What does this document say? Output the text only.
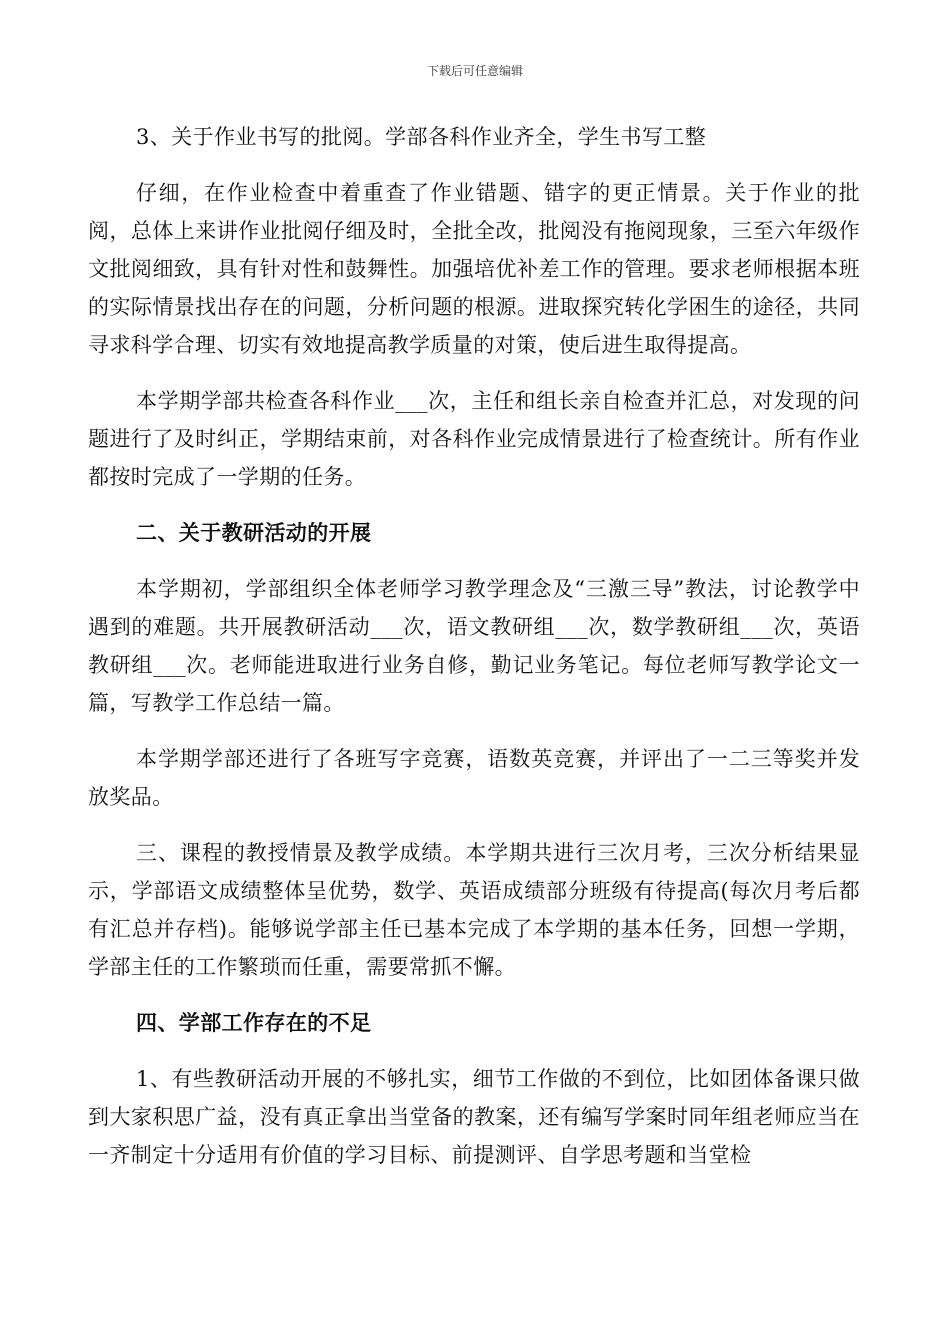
下载后可任意编辑

3、关于作业书写的批阅。学部各科作业齐全，学生书写工整

仔细，在作业检查中着重查了作业错题、错字的更正情景。关于作业的批阅，总体上来讲作业批阅仔细及时，全批全改，批阅没有拖阅现象，三至六年级作文批阅细致，具有针对性和鼓舞性。加强培优补差工作的管理。要求老师根据本班的实际情景找出存在的问题，分析问题的根源。进取探究转化学困生的途径，共同寻求科学合理、切实有效地提高教学质量的对策，使后进生取得提高。

本学期学部共检查各科作业___次，主任和组长亲自检查并汇总，对发现的问题进行了及时纠正，学期结束前，对各科作业完成情景进行了检查统计。所有作业都按时完成了一学期的任务。

二、关于教研活动的开展

本学期初，学部组织全体老师学习教学理念及“三激三导”教法，讨论教学中遇到的难题。共开展教研活动___次，语文教研组___次，数学教研组___次，英语教研组___次。老师能进取进行业务自修，勤记业务笔记。每位老师写教学论文一篇，写教学工作总结一篇。

本学期学部还进行了各班写字竞赛，语数英竞赛，并评出了一二三等奖并发放奖品。

三、课程的教授情景及教学成绩。本学期共进行三次月考，三次分析结果显示，学部语文成绩整体呈优势，数学、英语成绩部分班级有待提高(每次月考后都有汇总并存档)。能够说学部主任已基本完成了本学期的基本任务，回想一学期，学部主任的工作繁琐而任重，需要常抓不懈。

四、学部工作存在的不足

1、有些教研活动开展的不够扎实，细节工作做的不到位，比如团体备课只做到大家积思广益，没有真正拿出当堂备的教案，还有编写学案时同年组老师应当在一齐制定十分适用有价值的学习目标、前提测评、自学思考题和当堂检
